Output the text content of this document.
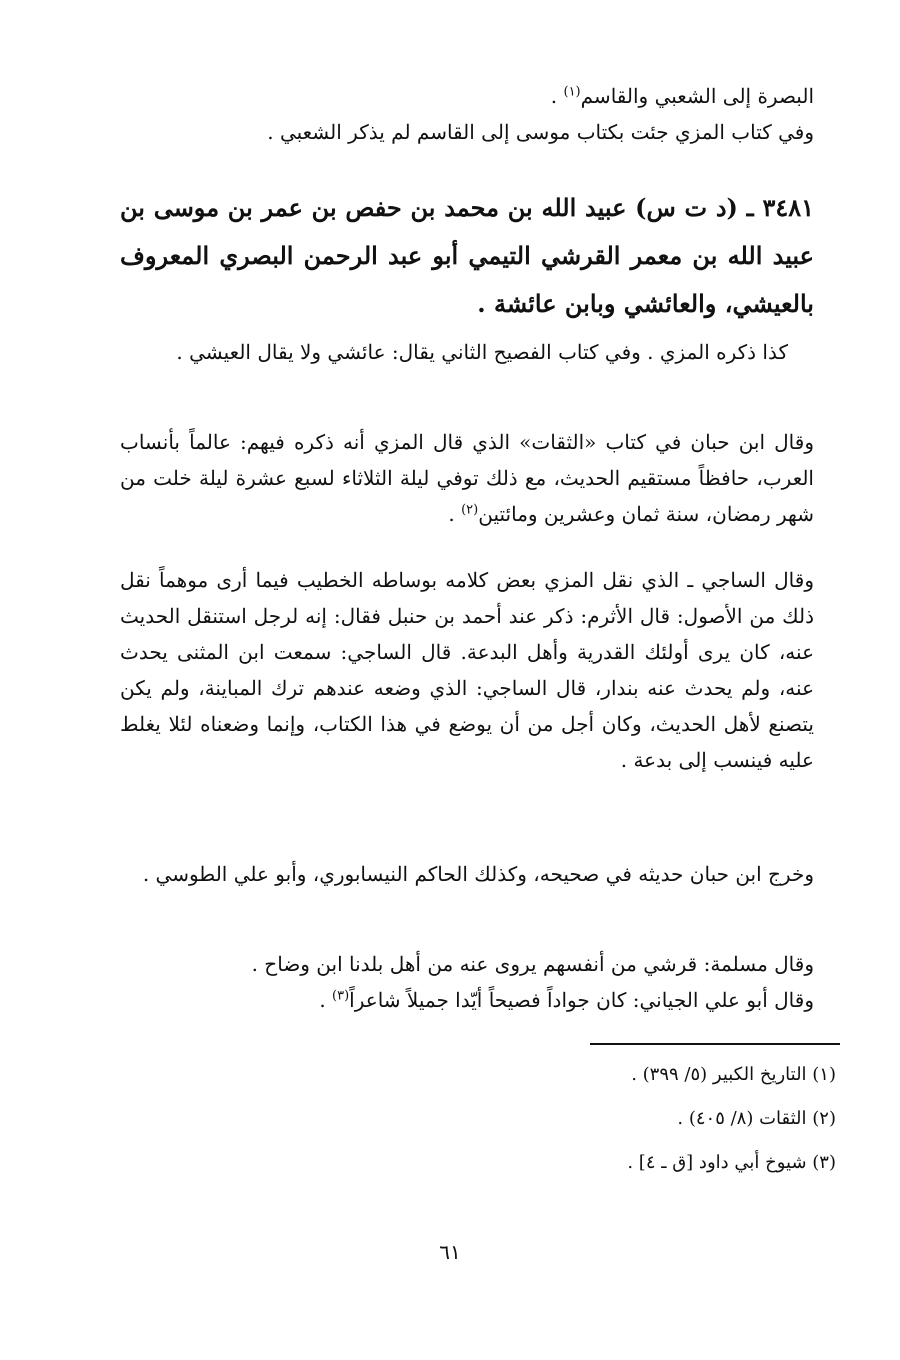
البصرة إلى الشعبي والقاسم$^{(١)}$ .

وفي كتاب المزي جئت بكتاب موسى إلى القاسم لم يذكر الشعبي .

٣٤٨١ ـ (د ت س) عبيد الله بن محمد بن حفص بن عمر بن موسى بن عبيد الله بن معمر القرشي التيمي أبو عبد الرحمن البصري المعروف بالعيشي، والعائشي وبابن عائشة .

كذا ذكره المزي . وفي كتاب الفصيح الثاني يقال: عائشي ولا يقال العيشي .

وقال ابن حبان في كتاب «الثقات» الذي قال المزي أنه ذكره فيهم: عالماً بأنساب العرب، حافظاً مستقيم الحديث، مع ذلك توفي ليلة الثلاثاء لسبع عشرة ليلة خلت من شهر رمضان، سنة ثمان وعشرين ومائتين$^{(٢)}$ .

وقال الساجي ـ الذي نقل المزي بعض كلامه بوساطه الخطيب فيما أرى موهماً نقل ذلك من الأصول: قال الأثرم: ذكر عند أحمد بن حنبل فقال: إنه لرجل استنقل الحديث عنه، كان يرى أولئك القدرية وأهل البدعة. قال الساجي: سمعت ابن المثنى يحدث عنه، ولم يحدث عنه بندار، قال الساجي: الذي وضعه عندهم ترك المباينة، ولم يكن يتصنع لأهل الحديث، وكان أجل من أن يوضع في هذا الكتاب، وإنما وضعناه لئلا يغلط عليه فينسب إلى بدعة .

وخرج ابن حبان حديثه في صحيحه، وكذلك الحاكم النيسابوري، وأبو علي الطوسي .

وقال مسلمة: قرشي من أنفسهم يروى عنه من أهل بلدنا ابن وضاح .

وقال أبو علي الجياني: كان جواداً فصيحاً أيّدا جميلاً شاعراً$^{(٣)}$ .

(١) التاريخ الكبير (٥/ ٣٩٩) .
(٢) الثقات (٨/ ٤٠٥) .
(٣) شيوخ أبي داود [ق ـ ٤] .
٦١
